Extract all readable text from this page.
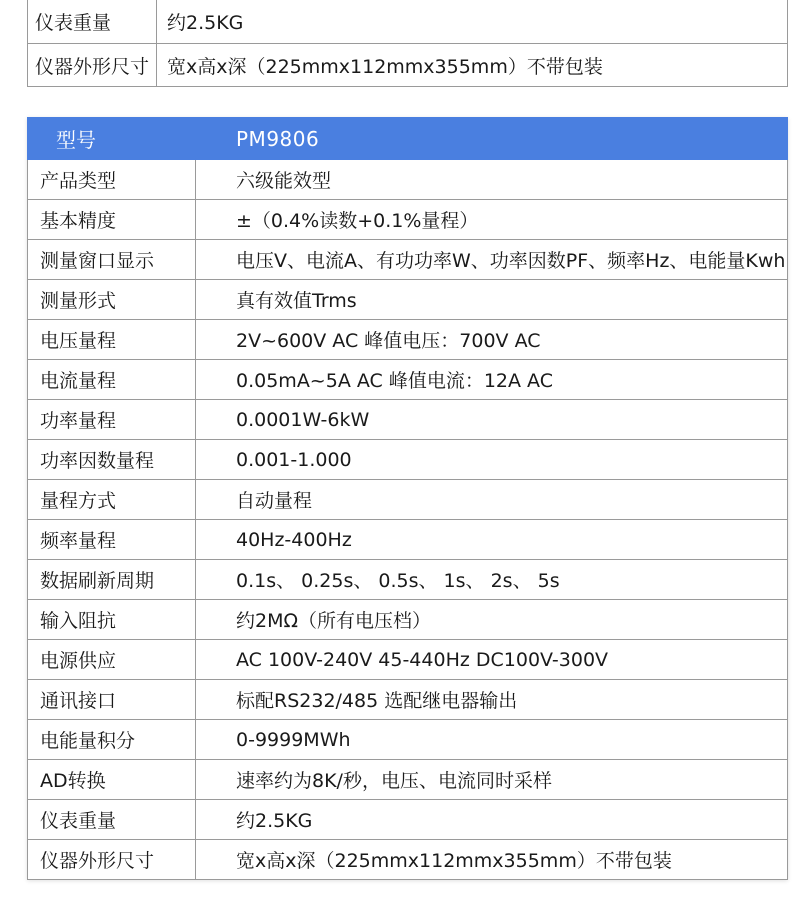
仪表重量	约2.5KG
仪器外形尺寸	宽x高x深（225mmx112mmx355mm）不带包装
型号	PM9806
产品类型	六级能效型
基本精度	±（0.4%读数+0.1%量程）
测量窗口显示	电压V、电流A、有功功率W、功率因数PF、频率Hz、电能量Kwh
测量形式	真有效值Trms
电压量程	2V~600V AC 峰值电压：700V AC
电流量程	0.05mA~5A AC 峰值电流：12A AC
功率量程	0.0001W-6kW
功率因数量程	0.001-1.000
量程方式	自动量程
频率量程	40Hz-400Hz
数据刷新周期	0.1s、 0.25s、 0.5s、 1s、 2s、 5s
输入阻抗	约2MΩ（所有电压档）
电源供应	AC 100V-240V 45-440Hz DC100V-300V
通讯接口	标配RS232/485 选配继电器输出
电能量积分	0-9999MWh
AD转换	速率约为8K/秒，电压、电流同时采样
仪表重量	约2.5KG
仪器外形尺寸	宽x高x深（225mmx112mmx355mm）不带包装
